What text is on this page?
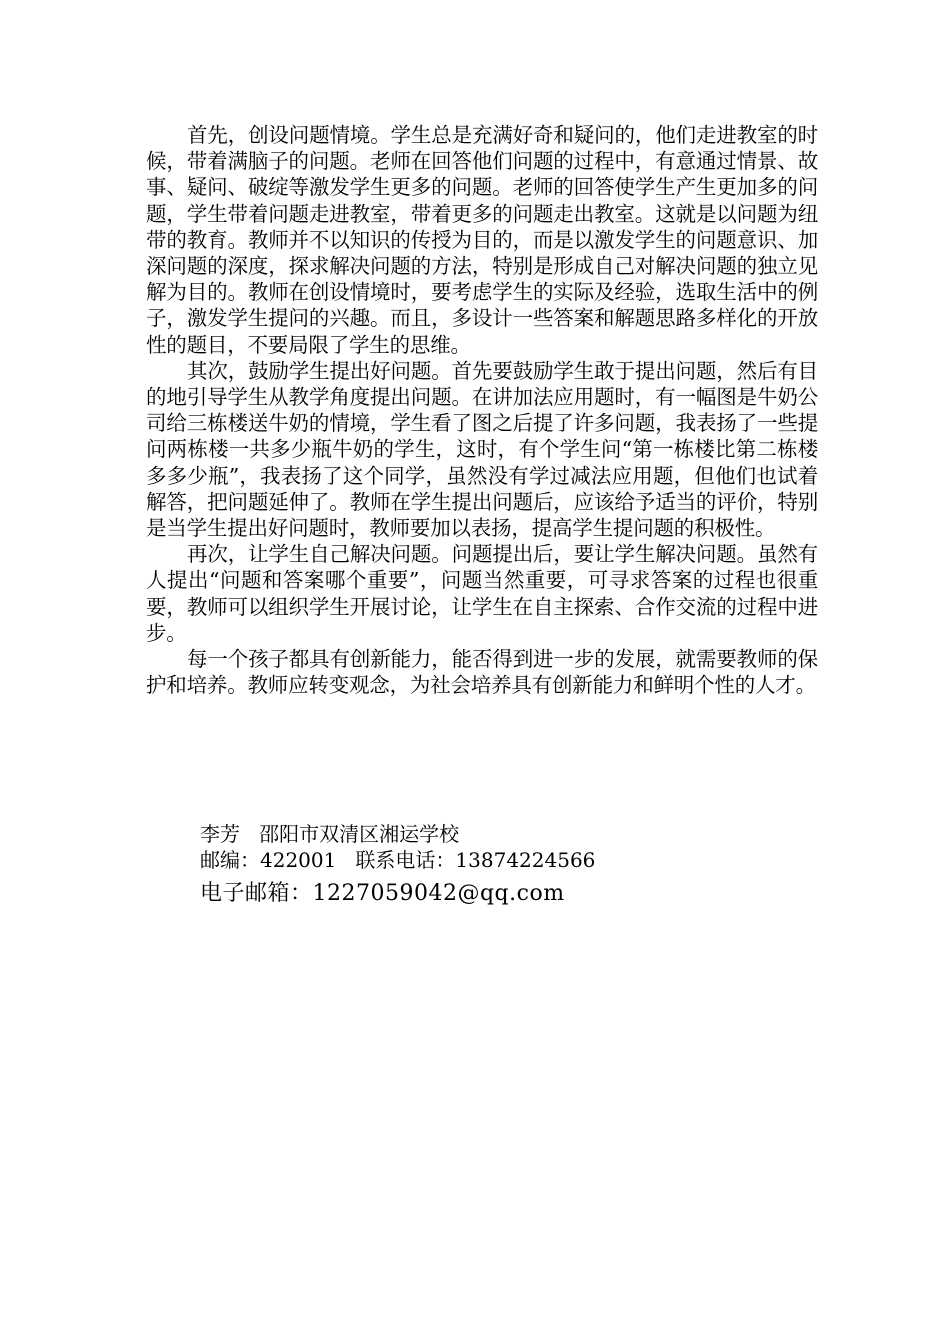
首先，创设问题情境。学生总是充满好奇和疑问的，他们走进教室的时候，带着满脑子的问题。老师在回答他们问题的过程中，有意通过情景、故事、疑问、破绽等激发学生更多的问题。老师的回答使学生产生更加多的问题，学生带着问题走进教室，带着更多的问题走出教室。这就是以问题为纽带的教育。教师并不以知识的传授为目的，而是以激发学生的问题意识、加深问题的深度，探求解决问题的方法，特别是形成自己对解决问题的独立见解为目的。教师在创设情境时，要考虑学生的实际及经验，选取生活中的例子，激发学生提问的兴趣。而且，多设计一些答案和解题思路多样化的开放性的题目，不要局限了学生的思维。

其次，鼓励学生提出好问题。首先要鼓励学生敢于提出问题，然后有目的地引导学生从教学角度提出问题。在讲加法应用题时，有一幅图是牛奶公司给三栋楼送牛奶的情境，学生看了图之后提了许多问题，我表扬了一些提问两栋楼一共多少瓶牛奶的学生，这时，有个学生问“第一栋楼比第二栋楼多多少瓶”，我表扬了这个同学，虽然没有学过减法应用题，但他们也试着解答，把问题延伸了。教师在学生提出问题后，应该给予适当的评价，特别是当学生提出好问题时，教师要加以表扬，提高学生提问题的积极性。

再次，让学生自己解决问题。问题提出后，要让学生解决问题。虽然有人提出“问题和答案哪个重要”，问题当然重要，可寻求答案的过程也很重要，教师可以组织学生开展讨论，让学生在自主探索、合作交流的过程中进步。

每一个孩子都具有创新能力，能否得到进一步的发展，就需要教师的保护和培养。教师应转变观念，为社会培养具有创新能力和鲜明个性的人才。

李芳   邵阳市双清区湘运学校
邮编：422001   联系电话：13874224566
电子邮箱：1227059042@qq.com
